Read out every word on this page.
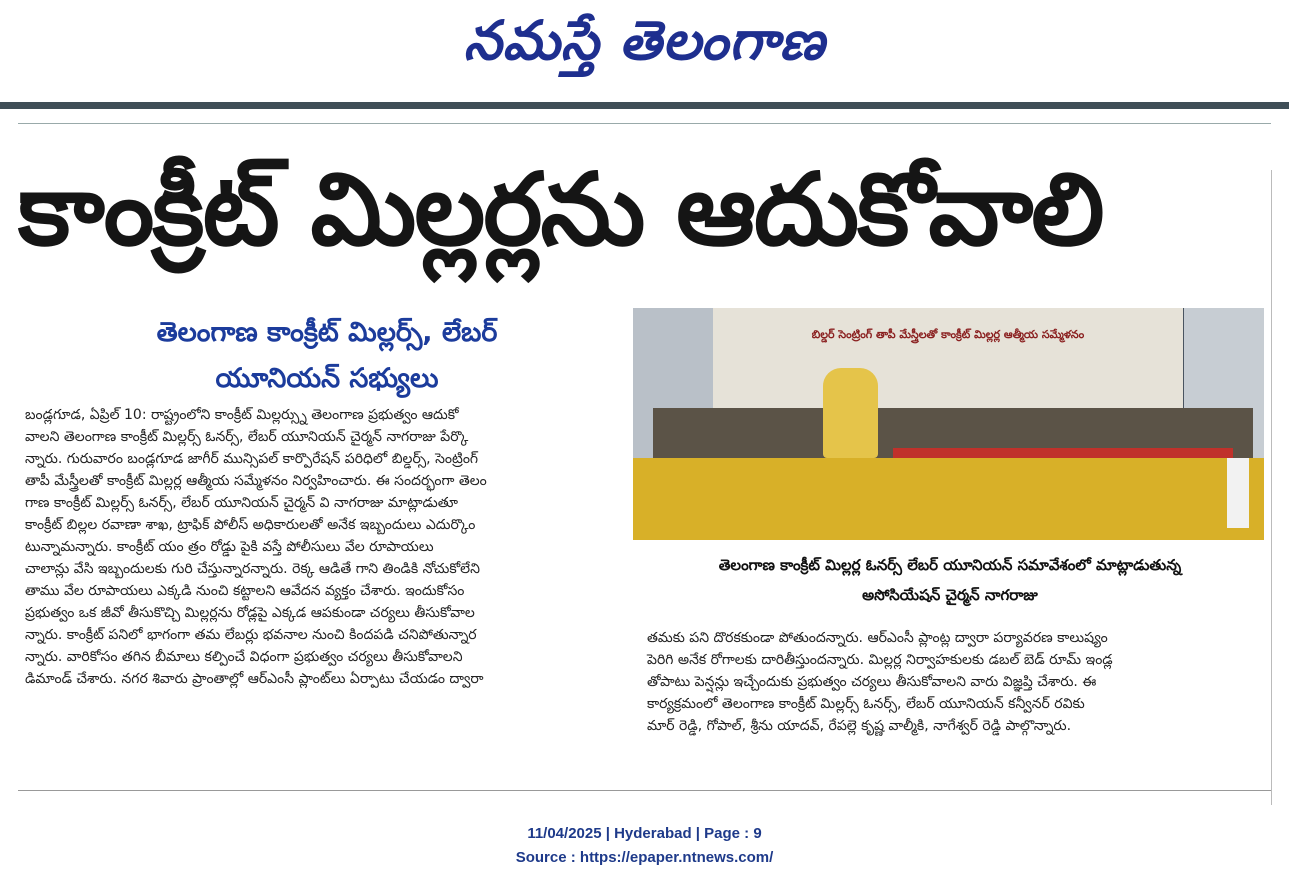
నమస్తే తెలంగాణ
కాంక్రీట్ మిల్లర్లను ఆదుకోవాలి
తెలంగాణ కాంక్రీట్ మిల్లర్స్, లేబర్
యూనియన్ సభ్యులు
బండ్లగూడ, ఏప్రిల్ 10: రాష్ట్రంలోని కాంక్రీట్ మిల్లర్స్ను తెలంగాణ ప్రభుత్వం ఆదుకో
వాలని తెలంగాణ కాంక్రీట్ మిల్లర్స్ ఓనర్స్, లేబర్ యూనియన్ చైర్మన్ నాగరాజు పేర్కొ
న్నారు. గురువారం బండ్లగూడ జాగీర్ మున్సిపల్ కార్పొరేషన్ పరిధిలో బిల్డర్స్, సెంట్రింగ్
తాపీ మేస్త్రీలతో కాంక్రీట్ మిల్లర్ల ఆత్మీయ సమ్మేళనం నిర్వహించారు. ఈ సందర్భంగా తెలం
గాణ కాంక్రీట్ మిల్లర్స్ ఓనర్స్, లేబర్ యూనియన్ చైర్మన్ వి నాగరాజు మాట్లాడుతూ
కాంక్రీట్ బిల్లల రవాణా శాఖ, ట్రాఫిక్ పోలీస్ అధికారులతో అనేక ఇబ్బందులు ఎదుర్కొం
టున్నామన్నారు. కాంక్రీట్ యం త్రం రోడ్డు పైకి వస్తే పోలీసులు వేల రూపాయలు
చాలాన్లు వేసి ఇబ్బందులకు గురి చేస్తున్నారన్నారు. రెక్క ఆడితే గాని తిండికి నోచుకోలేని
తాము వేల రూపాయలు ఎక్కడి నుంచి కట్టాలని ఆవేదన వ్యక్తం చేశారు. ఇందుకోసం
ప్రభుత్వం ఒక జీవో తీసుకొచ్చి మిల్లర్లను రోడ్లపై ఎక్కడ ఆపకుండా చర్యలు తీసుకోవాల
న్నారు. కాంక్రీట్ పనిలో భాగంగా తమ లేబర్లు భవనాల నుంచి కిందపడి చనిపోతున్నార
న్నారు. వారికోసం తగిన బీమాలు కల్పించే విధంగా ప్రభుత్వం చర్యలు తీసుకోవాలని
డిమాండ్ చేశారు. నగర శివారు ప్రాంతాల్లో ఆర్‌ఎంసీ ప్లాంట్‌లు ఏర్పాటు చేయడం ద్వారా
బిల్డర్ సెంట్రింగ్ తాపీ మేస్త్రీలతో కాంక్రీట్ మిల్లర్ల ఆత్మీయ సమ్మేళనం
తెలంగాణ కాంక్రీట్ మిల్లర్ల ఓనర్స్ లేబర్ యూనియన్ సమావేశంలో మాట్లాడుతున్న
అసోసియేషన్ చైర్మన్ నాగరాజు
తమకు పని దొరకకుండా పోతుందన్నారు. ఆర్‌ఎంసీ ప్లాంట్ల ద్వారా పర్యావరణ కాలుష్యం
పెరిగి అనేక రోగాలకు దారితీస్తుందన్నారు. మిల్లర్ల నిర్వాహకులకు డబల్ బెడ్ రూమ్ ఇండ్ల
తోపాటు పెన్షన్లు ఇచ్చేందుకు ప్రభుత్వం చర్యలు తీసుకోవాలని వారు విజ్ఞప్తి చేశారు. ఈ
కార్యక్రమంలో తెలంగాణ కాంక్రీట్ మిల్లర్స్ ఓనర్స్, లేబర్ యూనియన్ కన్వీనర్ రవికు
మార్ రెడ్డి, గోపాల్, శ్రీను యాదవ్, రేపల్లె కృష్ణ వాల్మీకి, నాగేశ్వర్ రెడ్డి పాల్గొన్నారు.
11/04/2025 | Hyderabad | Page : 9
Source : https://epaper.ntnews.com/
